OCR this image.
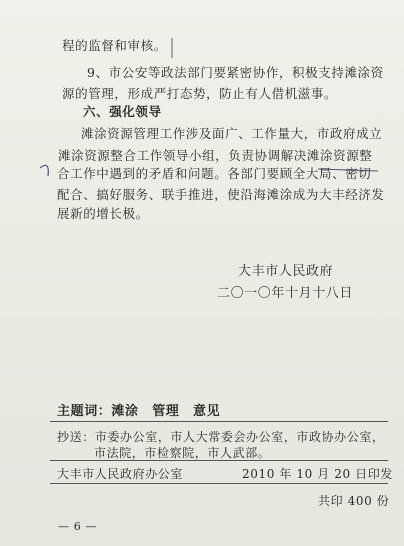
程的监督和审核。
9、市公安等政法部门要紧密协作，积极支持滩涂资
源的管理，形成严打态势，防止有人借机滋事。
六、强化领导
滩涂资源管理工作涉及面广、工作量大，市政府成立
滩涂资源整合工作领导小组，负责协调解决滩涂资源整
合工作中遇到的矛盾和问题。各部门要顾全大局、密切
配合、搞好服务、联手推进，使沿海滩涂成为大丰经济发
展新的增长极。
大丰市人民政府
二〇一〇年十月十八日
主题词：滩涂　管理　意见
抄送：市委办公室，市人大常委会办公室，市政协办公室，
市法院，市检察院，市人武部。
大丰市人民政府办公室	2010 年 10 月 20 日印发
共印 400 份
— 6 —
